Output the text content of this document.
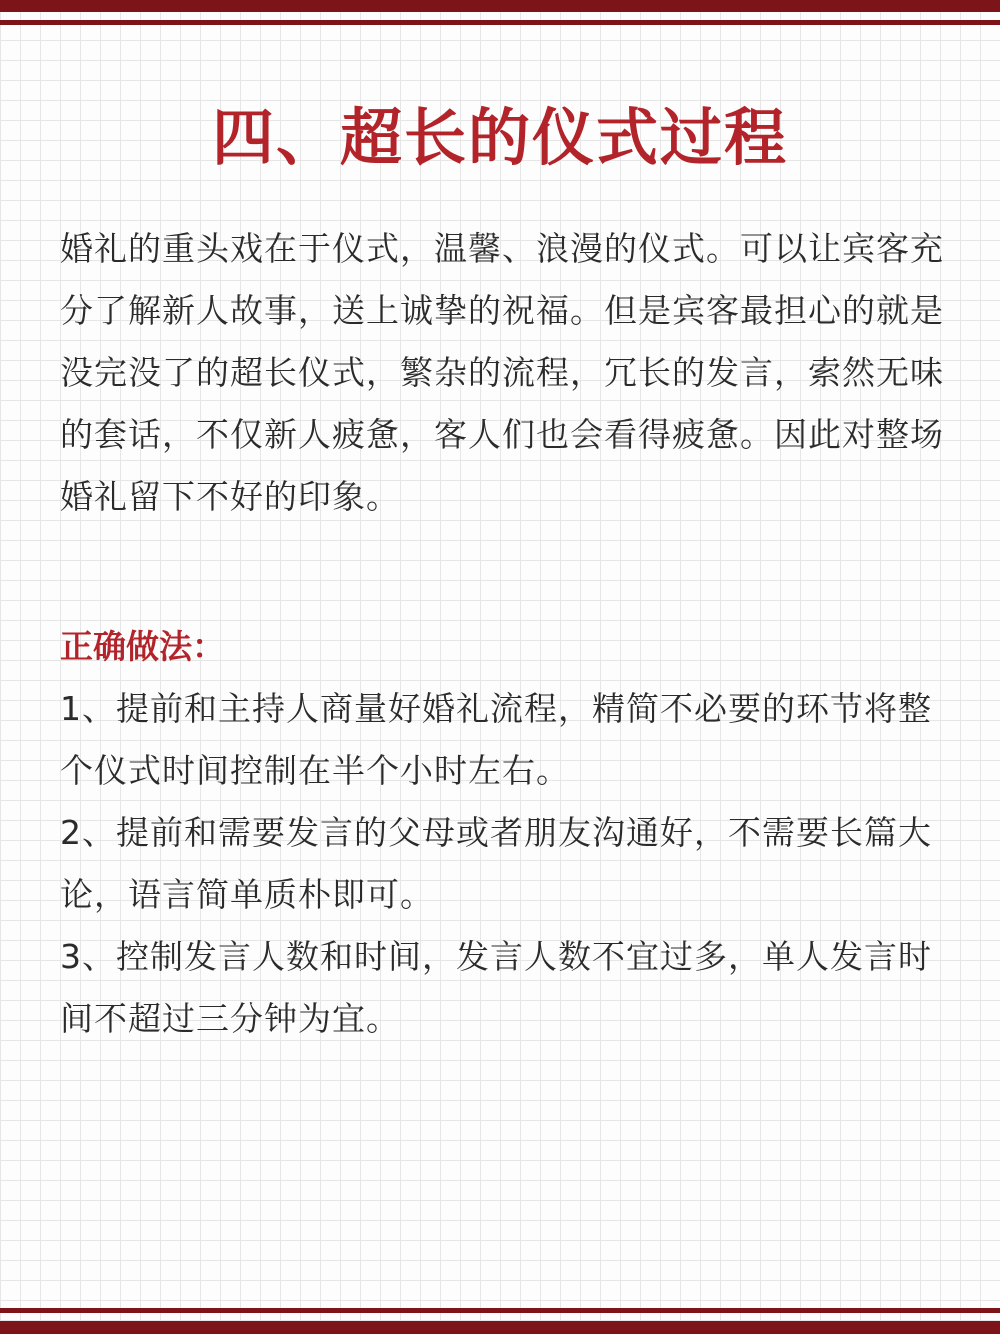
四、超长的仪式过程

婚礼的重头戏在于仪式，温馨、浪漫的仪式。可以让宾客充分了解新人故事，送上诚挚的祝福。但是宾客最担心的就是没完没了的超长仪式，繁杂的流程，冗长的发言，索然无味的套话，不仅新人疲惫，客人们也会看得疲惫。因此对整场婚礼留下不好的印象。

正确做法：

1、提前和主持人商量好婚礼流程，精简不必要的环节将整个仪式时间控制在半个小时左右。

2、提前和需要发言的父母或者朋友沟通好，不需要长篇大论，语言简单质朴即可。

3、控制发言人数和时间，发言人数不宜过多，单人发言时间不超过三分钟为宜。
